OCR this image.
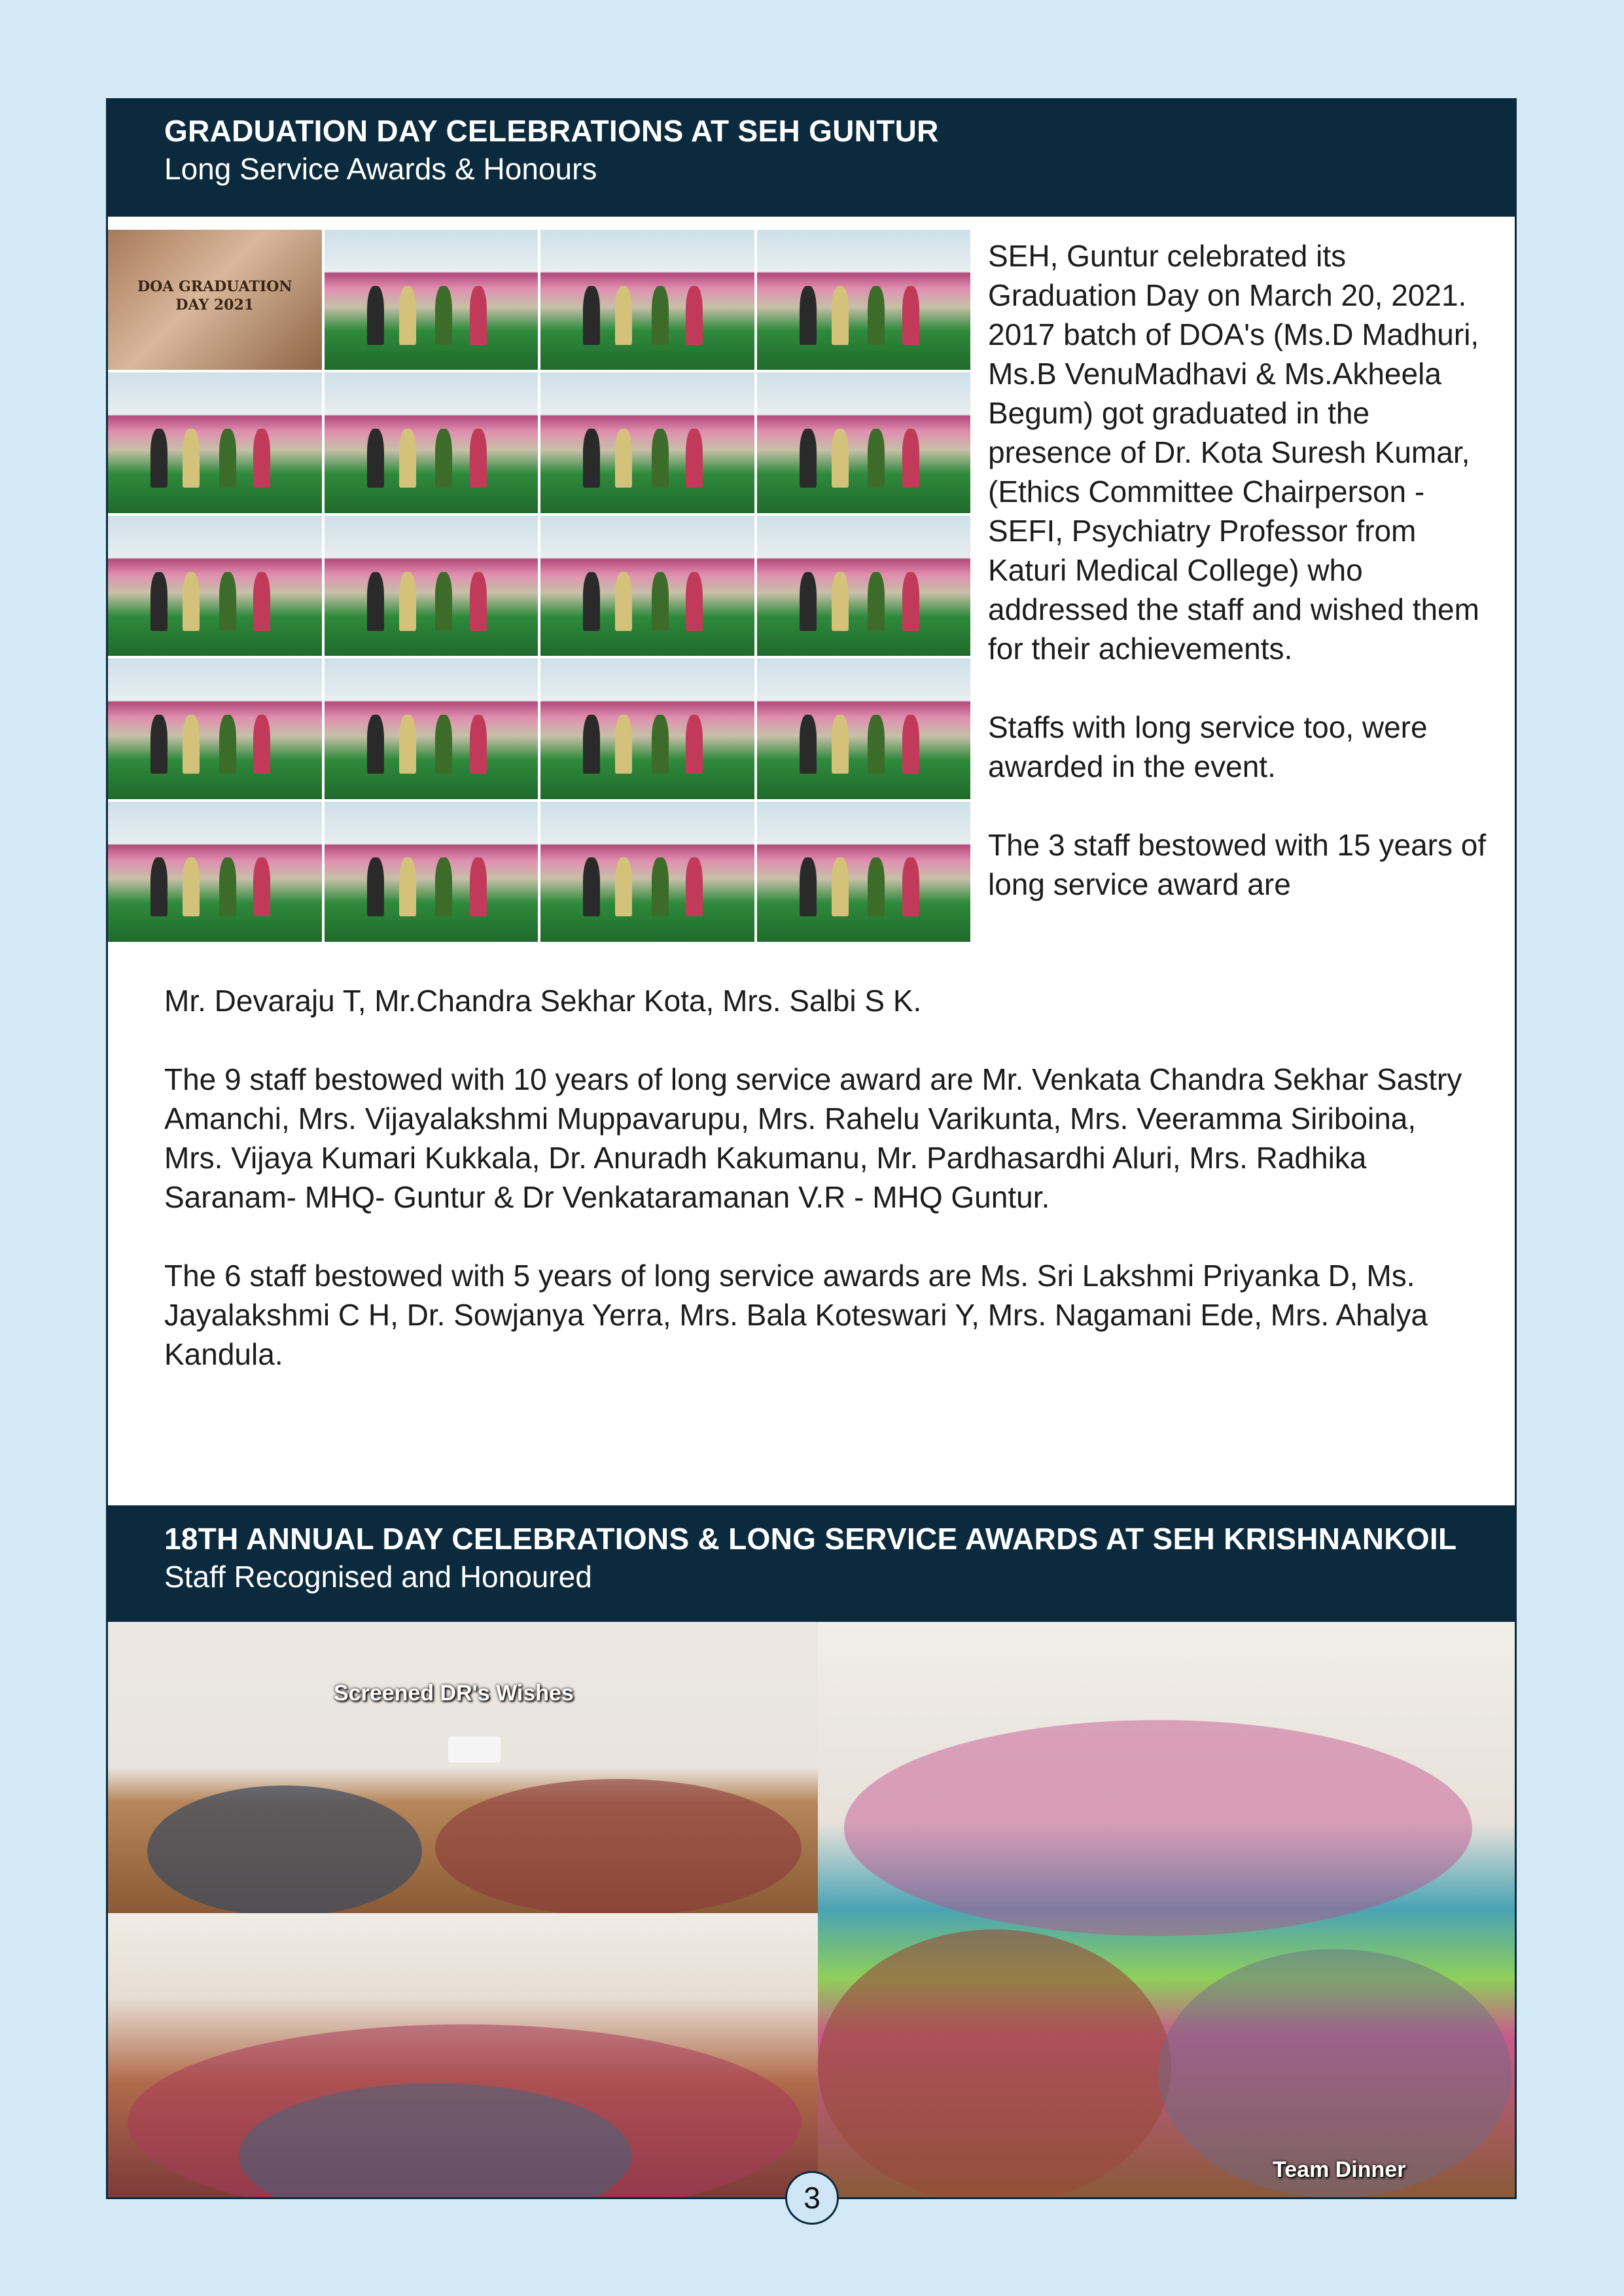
GRADUATION DAY CELEBRATIONS AT SEH GUNTUR
Long Service Awards & Honours
DOA GRADUATION DAY 2021

SEH, Guntur celebrated its Graduation Day on March 20, 2021. 2017 batch of DOA's (Ms.D Madhuri, Ms.B VenuMadhavi & Ms.Akheela Begum) got graduated in the presence of Dr. Kota Suresh Kumar, (Ethics Committee Chairperson - SEFI, Psychiatry Professor from Katuri Medical College) who addressed the staff and wished them for their achievements.

Staffs with long service too, were awarded in the event.

The 3 staff bestowed with 15 years of long service award are

Mr. Devaraju T, Mr.Chandra Sekhar Kota, Mrs. Salbi S K.

The 9 staff bestowed with 10 years of long service award are Mr. Venkata Chandra Sekhar Sastry Amanchi, Mrs. Vijayalakshmi Muppavarupu, Mrs. Rahelu Varikunta, Mrs. Veeramma Siriboina, Mrs. Vijaya Kumari Kukkala, Dr. Anuradh Kakumanu, Mr. Pardhasardhi Aluri, Mrs. Radhika Saranam- MHQ- Guntur & Dr Venkataramanan V.R - MHQ Guntur.

The 6 staff bestowed with 5 years of long service awards are Ms. Sri Lakshmi Priyanka D, Ms. Jayalakshmi C H, Dr. Sowjanya Yerra, Mrs. Bala Koteswari Y, Mrs. Nagamani Ede, Mrs. Ahalya Kandula.

18TH ANNUAL DAY CELEBRATIONS & LONG SERVICE AWARDS AT SEH KRISHNANKOIL
Staff Recognised and Honoured
Screened DR's Wishes
Team Dinner
3
